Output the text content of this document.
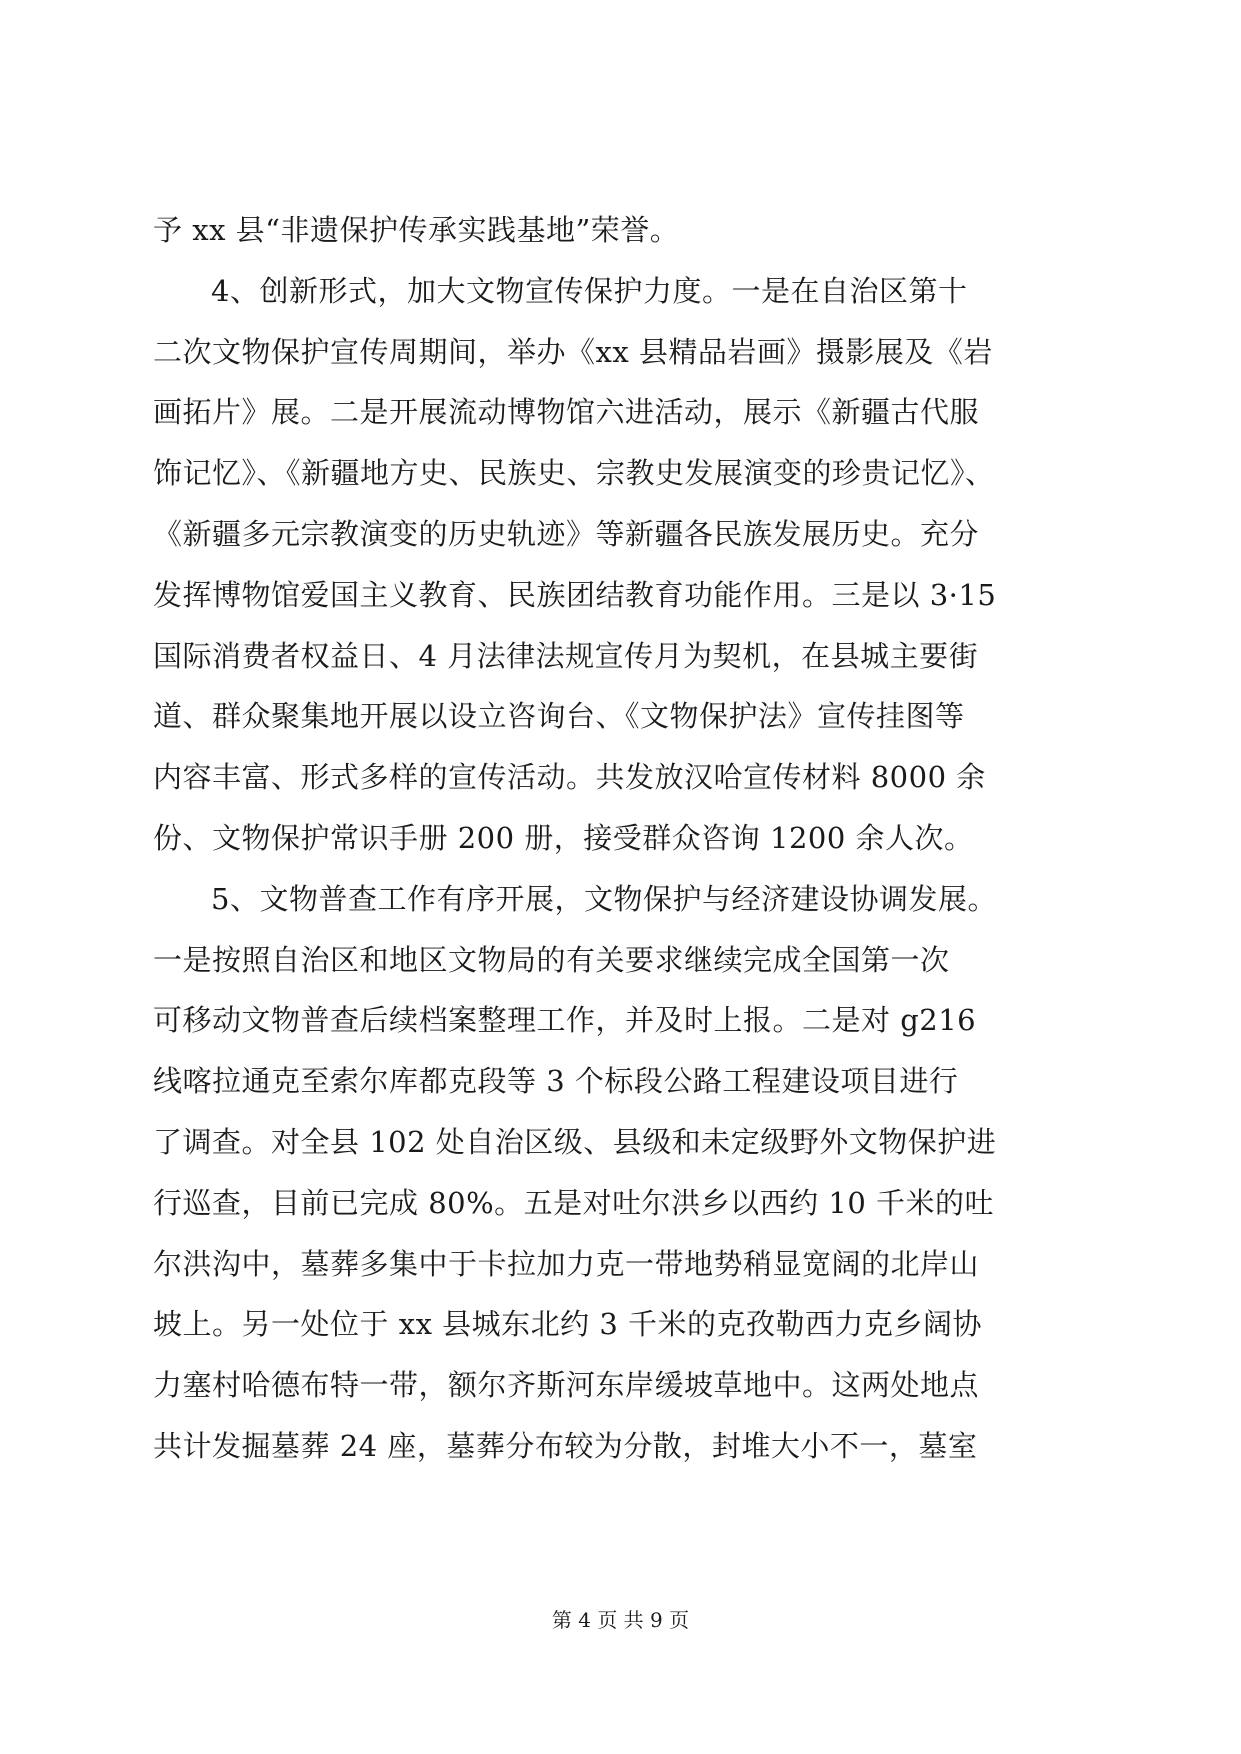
予 xx 县“非遗保护传承实践基地”荣誉。
4、创新形式，加大文物宣传保护力度。一是在自治区第十
二次文物保护宣传周期间，举办《xx 县精品岩画》摄影展及《岩
画拓片》展。二是开展流动博物馆六进活动，展示《新疆古代服
饰记忆》、《新疆地方史、民族史、宗教史发展演变的珍贵记忆》、
《新疆多元宗教演变的历史轨迹》等新疆各民族发展历史。充分
发挥博物馆爱国主义教育、民族团结教育功能作用。三是以 3·15
国际消费者权益日、4 月法律法规宣传月为契机，在县城主要街
道、群众聚集地开展以设立咨询台、《文物保护法》宣传挂图等
内容丰富、形式多样的宣传活动。共发放汉哈宣传材料 8000 余
份、文物保护常识手册 200 册，接受群众咨询 1200 余人次。
5、文物普查工作有序开展，文物保护与经济建设协调发展。
一是按照自治区和地区文物局的有关要求继续完成全国第一次
可移动文物普查后续档案整理工作，并及时上报。二是对 g216
线喀拉通克至索尔库都克段等 3 个标段公路工程建设项目进行
了调查。对全县 102 处自治区级、县级和未定级野外文物保护进
行巡查，目前已完成 80%。五是对吐尔洪乡以西约 10 千米的吐
尔洪沟中，墓葬多集中于卡拉加力克一带地势稍显宽阔的北岸山
坡上。另一处位于 xx 县城东北约 3 千米的克孜勒西力克乡阔协
力塞村哈德布特一带，额尔齐斯河东岸缓坡草地中。这两处地点
共计发掘墓葬 24 座，墓葬分布较为分散，封堆大小不一，墓室
第 4 页 共 9 页
